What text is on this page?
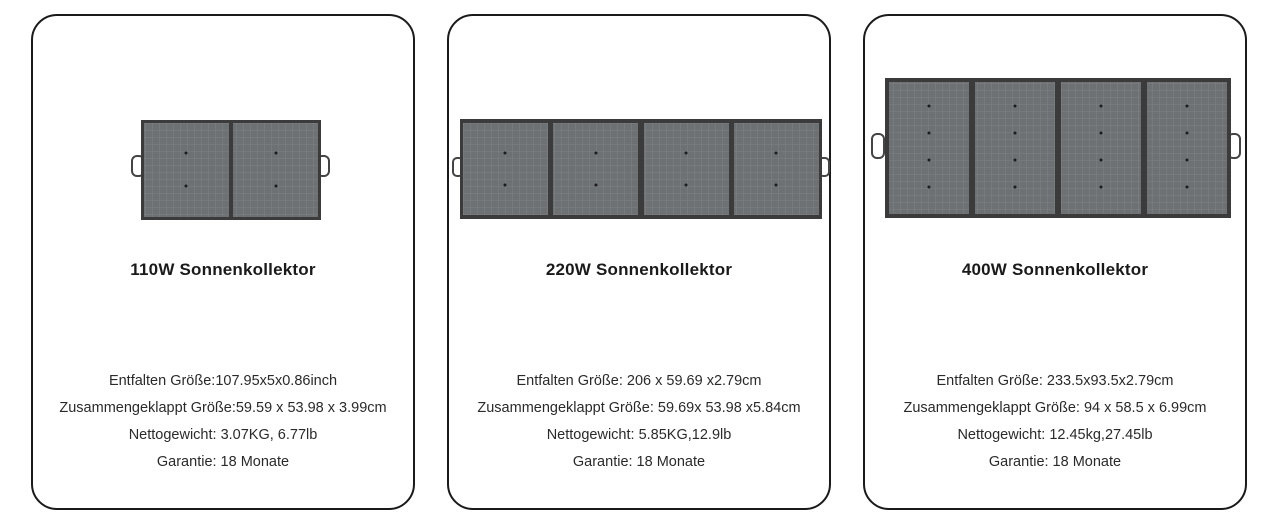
110W Sonnenkollektor
Entfalten Größe:107.95x5x0.86inch
Zusammengeklappt Größe:59.59 x 53.98 x 3.99cm
Nettogewicht: 3.07KG, 6.77lb
Garantie: 18 Monate
220W Sonnenkollektor
Entfalten Größe: 206 x 59.69 x2.79cm
Zusammengeklappt Größe: 59.69x 53.98 x5.84cm
Nettogewicht: 5.85KG,12.9lb
Garantie: 18 Monate
400W Sonnenkollektor
Entfalten Größe: 233.5x93.5x2.79cm
Zusammengeklappt Größe: 94 x 58.5 x 6.99cm
Nettogewicht: 12.45kg,27.45lb
Garantie: 18 Monate
